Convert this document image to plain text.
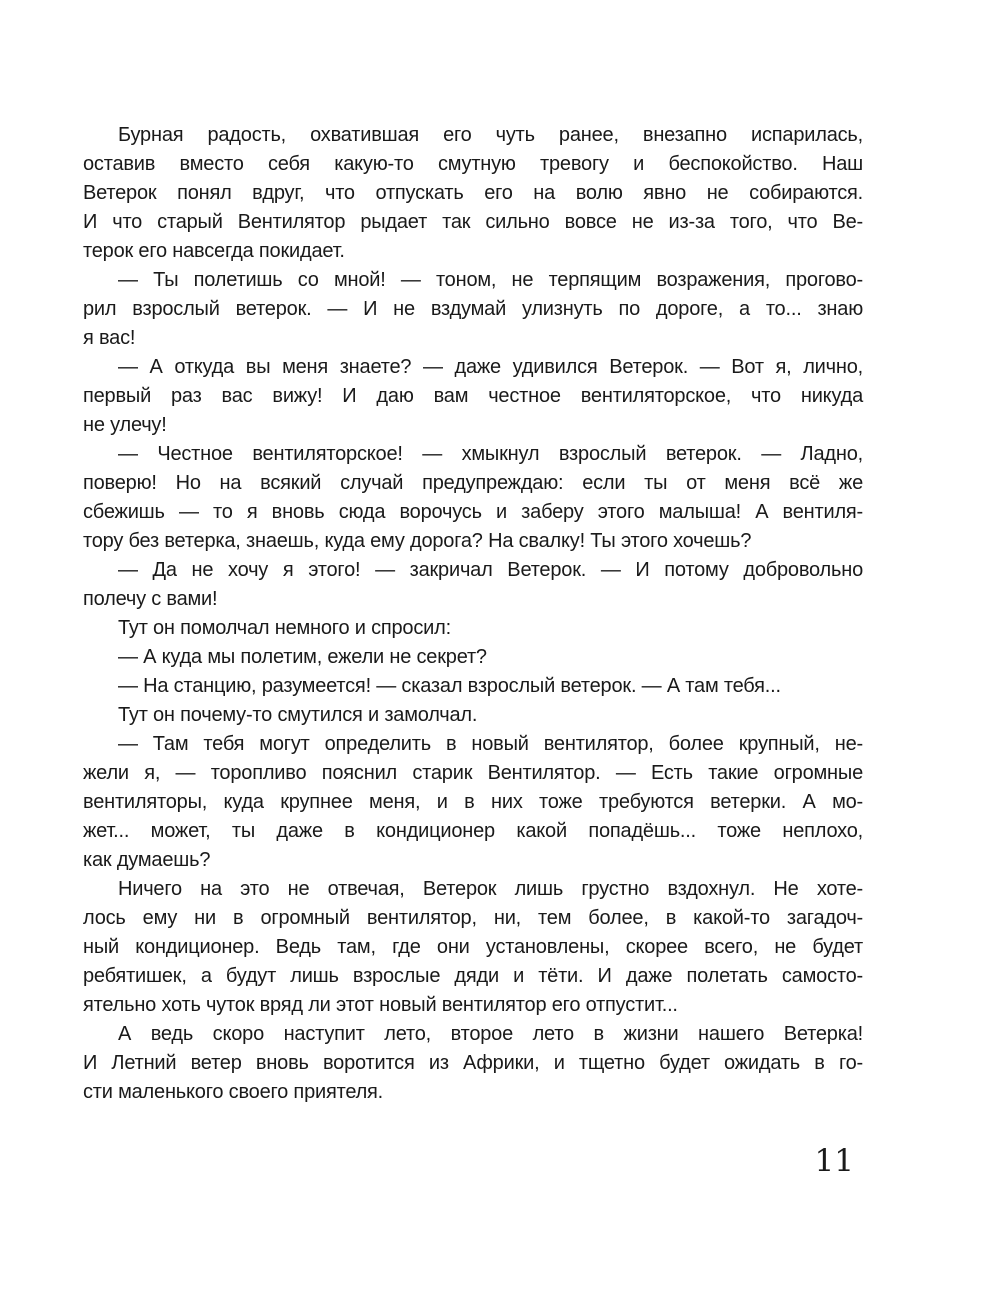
Бурная радость, охватившая его чуть ранее, внезапно испарилась,
оставив вместо себя какую-то смутную тревогу и беспокойство. Наш
Ветерок понял вдруг, что отпускать его на волю явно не собираются.
И что старый Вентилятор рыдает так сильно вовсе не из-за того, что Ве-
терок его навсегда покидает.

— Ты полетишь со мной! — тоном, не терпящим возражения, прогово-
рил взрослый ветерок. — И не вздумай улизнуть по дороге, а то... знаю
я вас!

— А откуда вы меня знаете? — даже удивился Ветерок. — Вот я, лично,
первый раз вас вижу! И даю вам честное вентиляторское, что никуда
не улечу!

— Честное вентиляторское! — хмыкнул взрослый ветерок. — Ладно,
поверю! Но на всякий случай предупреждаю: если ты от меня всё же
сбежишь — то я вновь сюда ворочусь и заберу этого малыша! А вентиля-
тору без ветерка, знаешь, куда ему дорога? На свалку! Ты этого хочешь?

— Да не хочу я этого! — закричал Ветерок. — И потому добровольно
полечу с вами!

Тут он помолчал немного и спросил:

— А куда мы полетим, ежели не секрет?

— На станцию, разумеется! — сказал взрослый ветерок. — А там тебя...

Тут он почему-то смутился и замолчал.

— Там тебя могут определить в новый вентилятор, более крупный, не-
жели я, — торопливо пояснил старик Вентилятор. — Есть такие огромные
вентиляторы, куда крупнее меня, и в них тоже требуются ветерки. А мо-
жет... может, ты даже в кондиционер какой попадёшь... тоже неплохо,
как думаешь?

Ничего на это не отвечая, Ветерок лишь грустно вздохнул. Не хоте-
лось ему ни в огромный вентилятор, ни, тем более, в какой-то загадоч-
ный кондиционер. Ведь там, где они установлены, скорее всего, не будет
ребятишек, а будут лишь взрослые дяди и тёти. И даже полетать самосто-
ятельно хоть чуток вряд ли этот новый вентилятор его отпустит...

А ведь скоро наступит лето, второе лето в жизни нашего Ветерка!
И Летний ветер вновь воротится из Африки, и тщетно будет ожидать в го-
сти маленького своего приятеля.

11
